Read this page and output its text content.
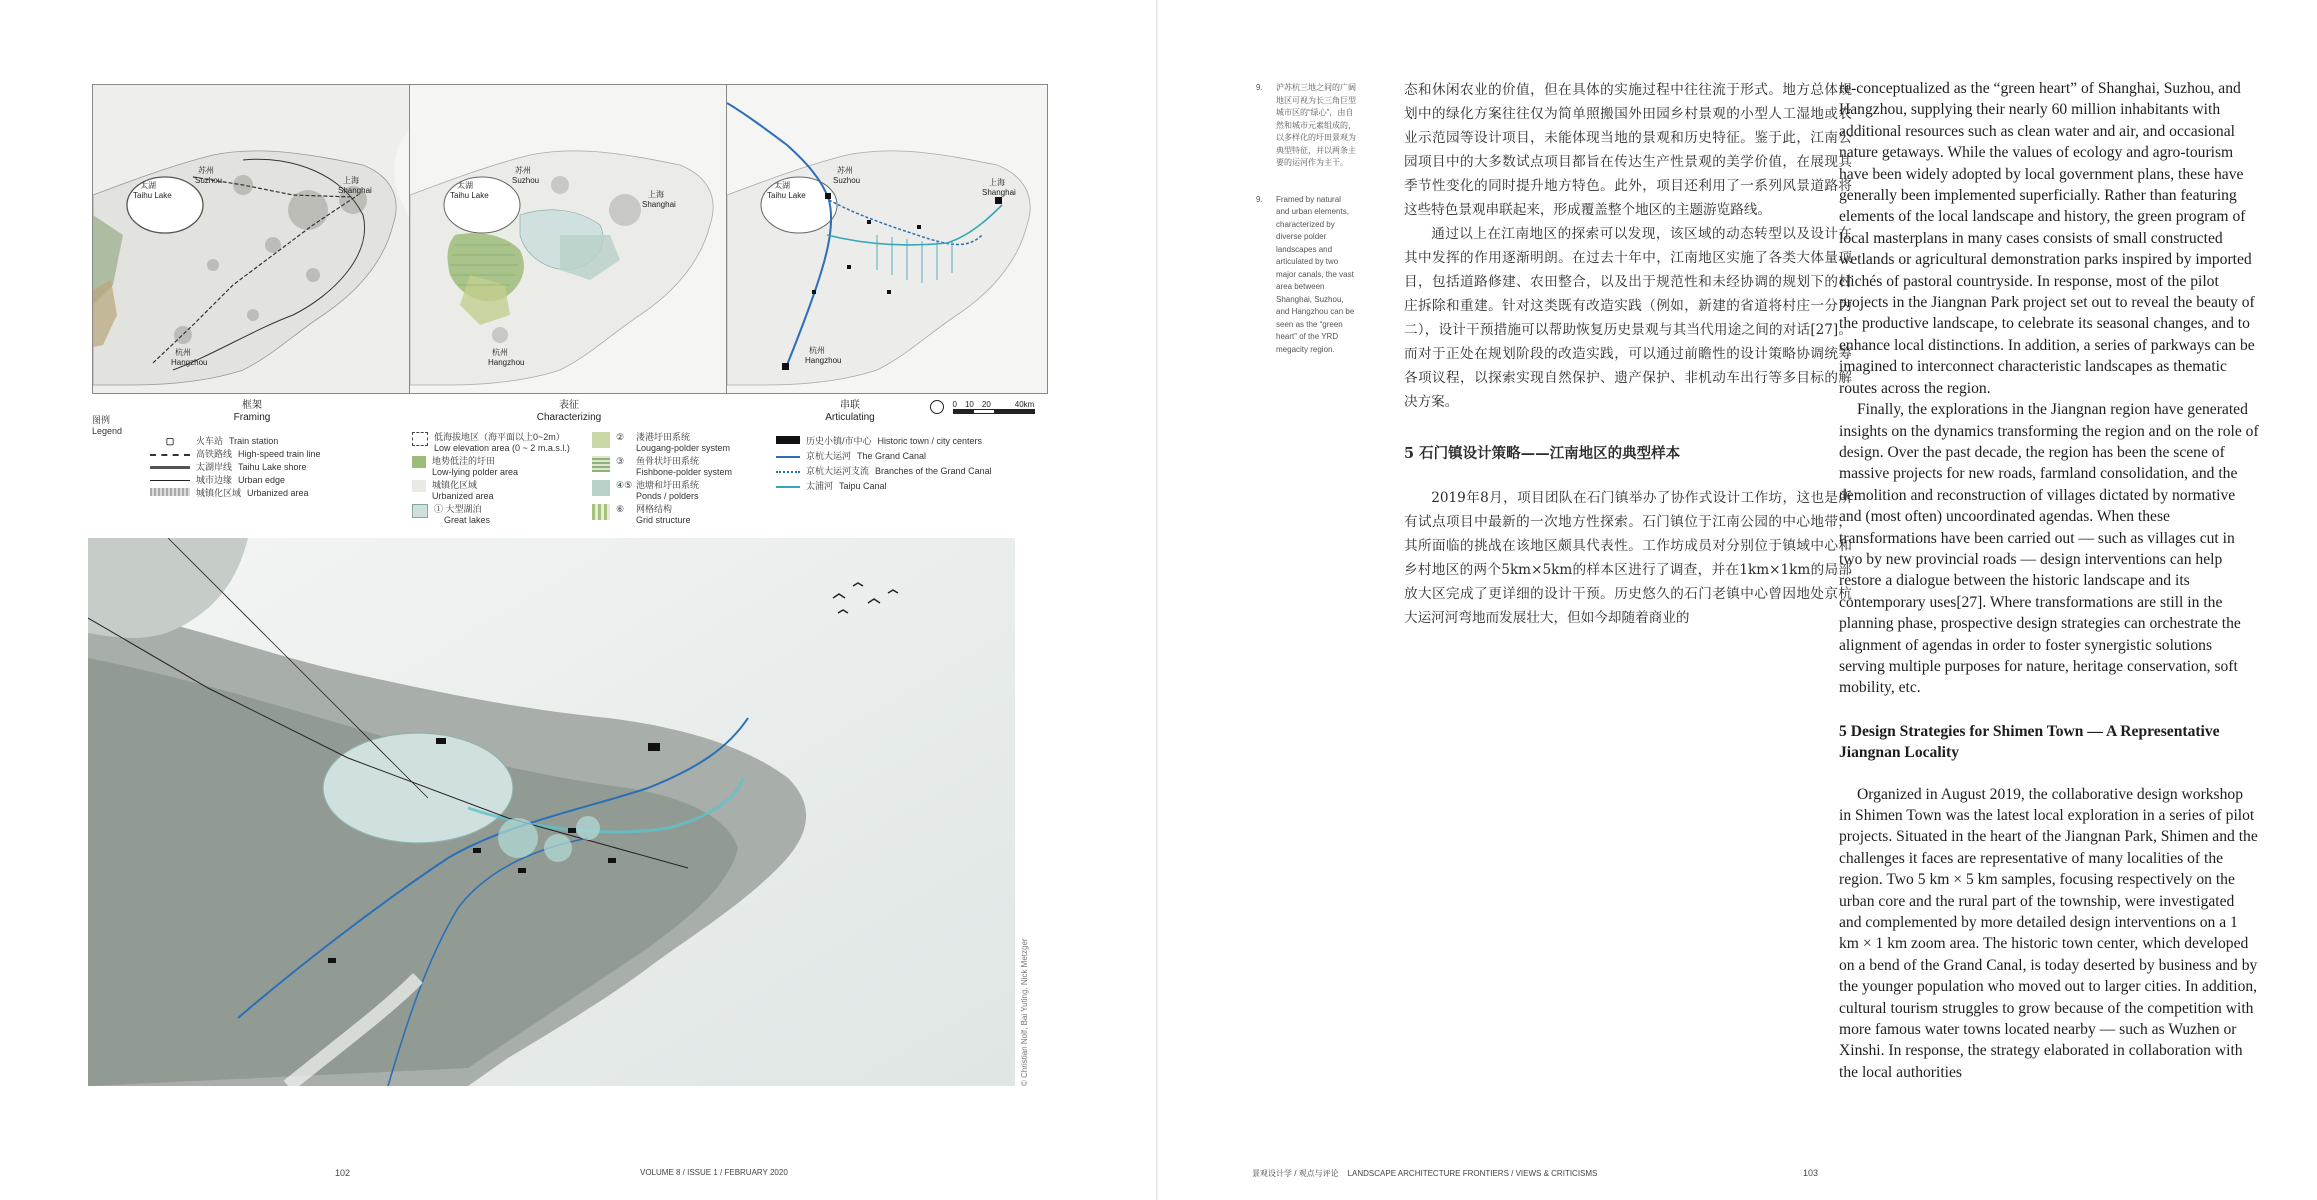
太湖
Taihu Lake
苏州
Suzhou	上海
Shanghai
杭州
Hangzhou
太湖
Taihu Lake
苏州
Suzhou
上海
Shanghai
杭州
Hangzhou
太湖
Taihu Lake
苏州
Suzhou	上海
Shanghai
杭州
Hangzhou
框架
Framing
表征
Characterizing
串联
Articulating

0 10 20	40km
图例
Legend
▢	火车站 Train station
高铁路线 High-speed train line
太湖岸线 Taihu Lake shore
城市边缘 Urban edge
城镇化区域 Urbanized area
低海拔地区（海平面以上0~2m）
Low elevation area (0 ~ 2 m.a.s.l.)
地势低洼的圩田
Low-lying polder area
城镇化区域
Urbanized area
① 大型湖泊
Great lakes
②	溇港圩田系统
Lougang-polder system
③	鱼骨状圩田系统
Fishbone-polder system
④⑤ 池塘和圩田系统
Ponds / polders
⑥	网格结构
Grid structure
历史小镇/市中心 Historic town / city centers
京杭大运河 The Grand Canal
京杭大运河支流 Branches of the Grand Canal
太浦河 Taipu Canal
© Christian Nolf, Bai Yuting, Nick Metzger
102	VOLUME 8 / ISSUE 1 / FEBRUARY 2020
9.	沪苏杭三地之间的广阔地区可视为长三角巨型城市区的“绿心”，由自然和城市元素组成的，以多样化的圩田景观为典型特征，并以两条主要的运河作为主干。

9.	Framed by natural and urban elements, characterized by diverse polder landscapes and articulated by two major canals, the vast area between Shanghai, Suzhou, and Hangzhou can be seen as the “green heart” of the YRD megacity region.

态和休闲农业的价值，但在具体的实施过程中往往流于形式。地方总体规划中的绿化方案往往仅为简单照搬国外田园乡村景观的小型人工湿地或农业示范园等设计项目，未能体现当地的景观和历史特征。鉴于此，江南公园项目中的大多数试点项目都旨在传达生产性景观的美学价值，在展现其季节性变化的同时提升地方特色。此外，项目还利用了一系列风景道路将这些特色景观串联起来，形成覆盖整个地区的主题游览路线。

通过以上在江南地区的探索可以发现，该区域的动态转型以及设计在其中发挥的作用逐渐明朗。在过去十年中，江南地区实施了各类大体量项目，包括道路修建、农田整合，以及出于规范性和未经协调的规划下的村庄拆除和重建。针对这类既有改造实践（例如，新建的省道将村庄一分为二），设计干预措施可以帮助恢复历史景观与其当代用途之间的对话[27]。而对于正处在规划阶段的改造实践，可以通过前瞻性的设计策略协调统筹各项议程，以探索实现自然保护、遗产保护、非机动车出行等多目标的解决方案。

5 石门镇设计策略——江南地区的典型样本

2019年8月，项目团队在石门镇举办了协作式设计工作坊，这也是所有试点项目中最新的一次地方性探索。石门镇位于江南公园的中心地带，其所面临的挑战在该地区颇具代表性。工作坊成员对分别位于镇域中心和乡村地区的两个5km×5km的样本区进行了调查，并在1km×1km的局部放大区完成了更详细的设计干预。历史悠久的石门老镇中心曾因地处京杭大运河河弯地而发展壮大，但如今却随着商业的

re-conceptualized as the “green heart” of Shanghai, Suzhou, and Hangzhou, supplying their nearly 60 million inhabitants with additional resources such as clean water and air, and occasional nature getaways. While the values of ecology and agro-tourism have been widely adopted by local government plans, these have generally been implemented superficially. Rather than featuring elements of the local landscape and history, the green program of local masterplans in many cases consists of small constructed wetlands or agricultural demonstration parks inspired by imported clichés of pastoral countryside. In response, most of the pilot projects in the Jiangnan Park project set out to reveal the beauty of the productive landscape, to celebrate its seasonal changes, and to enhance local distinctions. In addition, a series of parkways can be imagined to interconnect characteristic landscapes as thematic routes across the region.

Finally, the explorations in the Jiangnan region have generated insights on the dynamics transforming the region and on the role of design. Over the past decade, the region has been the scene of massive projects for new roads, farmland consolidation, and the demolition and reconstruction of villages dictated by normative and (most often) uncoordinated agendas. When these transformations have been carried out — such as villages cut in two by new provincial roads — design interventions can help restore a dialogue between the historic landscape and its contemporary uses[27]. Where transformations are still in the planning phase, prospective design strategies can orchestrate the alignment of agendas in order to foster synergistic solutions serving multiple purposes for nature, heritage conservation, soft mobility, etc.

5 Design Strategies for Shimen Town — A Representative Jiangnan Locality

Organized in August 2019, the collaborative design workshop in Shimen Town was the latest local exploration in a series of pilot projects. Situated in the heart of the Jiangnan Park, Shimen and the challenges it faces are representative of many localities of the region. Two 5 km × 5 km samples, focusing respectively on the urban core and the rural part of the township, were investigated and complemented by more detailed design interventions on a 1 km × 1 km zoom area. The historic town center, which developed on a bend of the Grand Canal, is today deserted by business and by the younger population who moved out to larger cities. In addition, cultural tourism struggles to grow because of the competition with more famous water towns located nearby — such as Wuzhen or Xinshi. In response, the strategy elaborated in collaboration with the local authorities

景观设计学 / 观点与评论 LANDSCAPE ARCHITECTURE FRONTIERS / VIEWS & CRITICISMS	103
